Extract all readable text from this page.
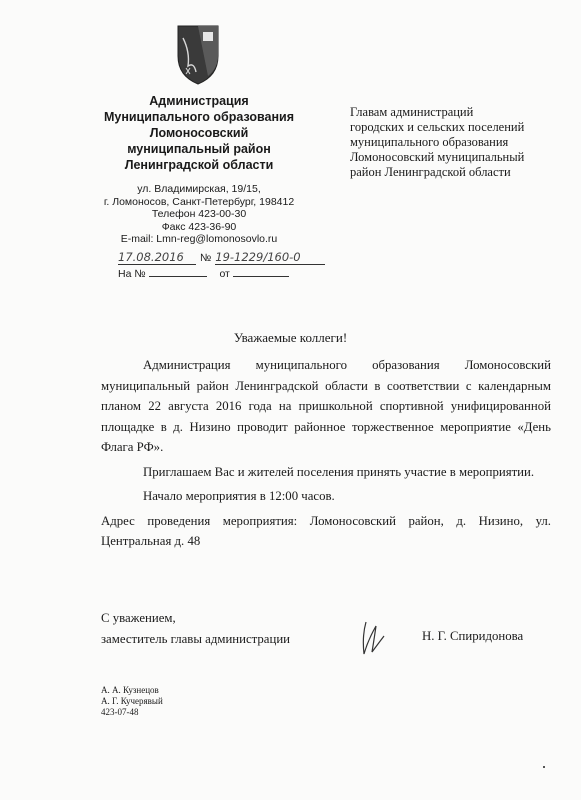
Администрация
Муниципального образования
Ломоносовский
муниципальный район
Ленинградской области
ул. Владимирская, 19/15,
г. Ломоносов, Санкт-Петербург, 198412
Телефон 423-00-30
Факс 423-36-90
E-mail: Lmn-reg@lomonosovlo.ru
17.08.2016 № 19-1229/160-0
На №	от
Главам администраций
городских и сельских поселений
муниципального образования
Ломоносовский муниципальный
район Ленинградской области
Уважаемые коллеги!

Администрация муниципального образования Ломоносовский муниципальный район Ленинградской области в соответствии с календарным планом 22 августа 2016 года на пришкольной спортивной унифицированной площадке в д. Низино проводит районное торжественное мероприятие «День Флага РФ».

Приглашаем Вас и жителей поселения принять участие в мероприятии.

Начало мероприятия в 12:00 часов.

Адрес проведения мероприятия: Ломоносовский район, д. Низино, ул. Центральная д. 48

С уважением,
заместитель главы администрации	Н. Г. Спиридонова
А. А. Кузнецов
А. Г. Кучерявый
423-07-48
